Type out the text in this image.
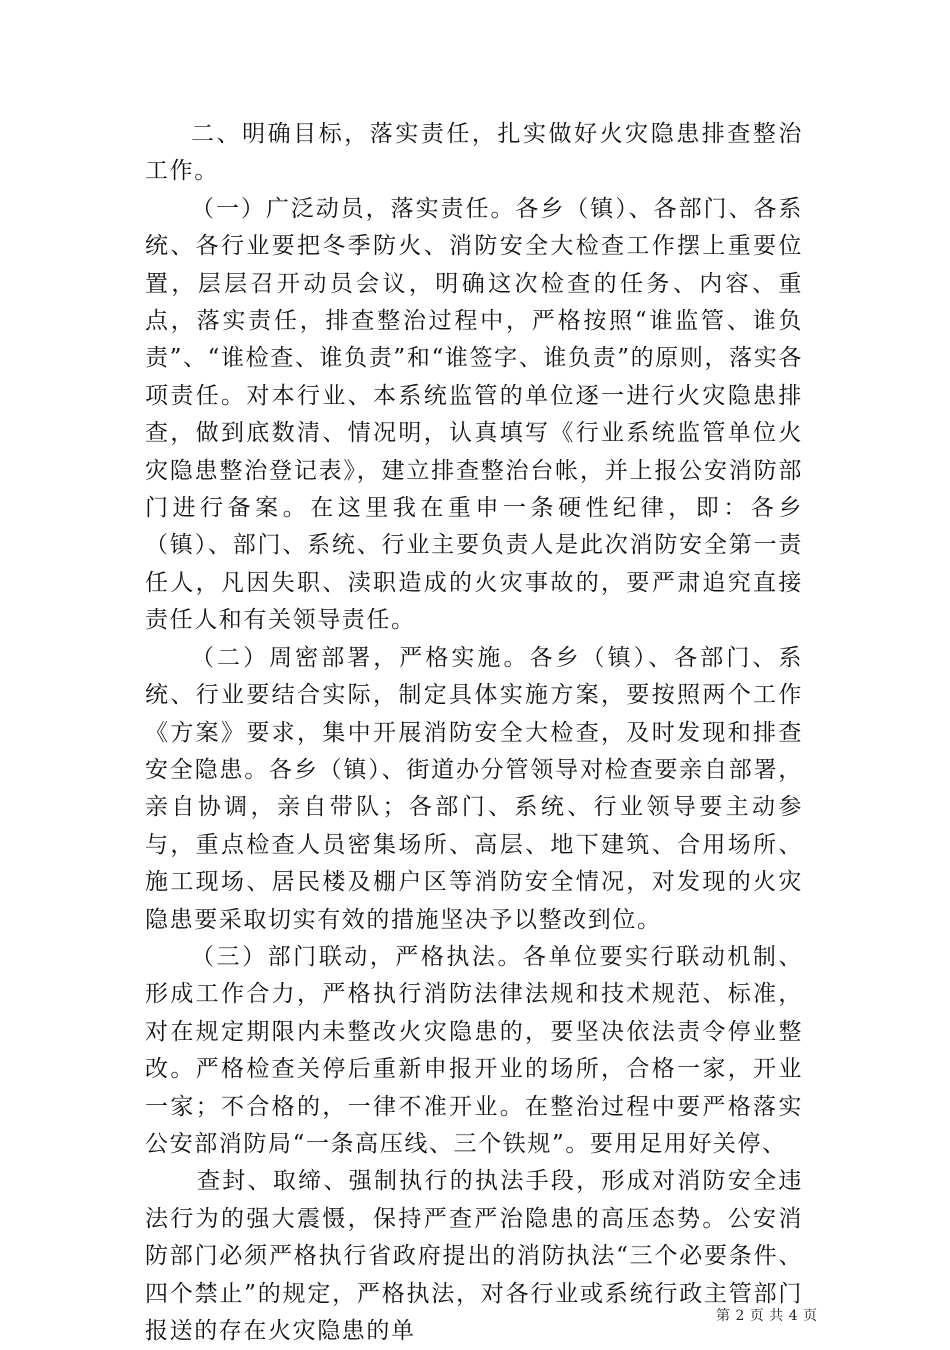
二、明确目标，落实责任，扎实做好火灾隐患排查整治工作。

（一）广泛动员，落实责任。各乡（镇）、各部门、各系统、各行业要把冬季防火、消防安全大检查工作摆上重要位置，层层召开动员会议，明确这次检查的任务、内容、重点，落实责任，排查整治过程中，严格按照“谁监管、谁负责”、“谁检查、谁负责”和“谁签字、谁负责”的原则，落实各项责任。对本行业、本系统监管的单位逐一进行火灾隐患排查，做到底数清、情况明，认真填写《行业系统监管单位火灾隐患整治登记表》，建立排查整治台帐，并上报公安消防部门进行备案。在这里我在重申一条硬性纪律，即：各乡（镇）、部门、系统、行业主要负责人是此次消防安全第一责任人，凡因失职、渎职造成的火灾事故的，要严肃追究直接责任人和有关领导责任。

（二）周密部署，严格实施。各乡（镇）、各部门、系统、行业要结合实际，制定具体实施方案，要按照两个工作《方案》要求，集中开展消防安全大检查，及时发现和排查安全隐患。各乡（镇）、街道办分管领导对检查要亲自部署，亲自协调，亲自带队；各部门、系统、行业领导要主动参与，重点检查人员密集场所、高层、地下建筑、合用场所、施工现场、居民楼及棚户区等消防安全情况，对发现的火灾隐患要采取切实有效的措施坚决予以整改到位。

（三）部门联动，严格执法。各单位要实行联动机制、形成工作合力，严格执行消防法律法规和技术规范、标准，对在规定期限内未整改火灾隐患的，要坚决依法责令停业整改。严格检查关停后重新申报开业的场所，合格一家，开业一家；不合格的，一律不准开业。在整治过程中要严格落实公安部消防局“一条高压线、三个铁规”。要用足用好关停、

查封、取缔、强制执行的执法手段，形成对消防安全违法行为的强大震慑，保持严查严治隐患的高压态势。公安消防部门必须严格执行省政府提出的消防执法“三个必要条件、四个禁止”的规定，严格执法，对各行业或系统行政主管部门报送的存在火灾隐患的单

第 2 页 共 4 页
